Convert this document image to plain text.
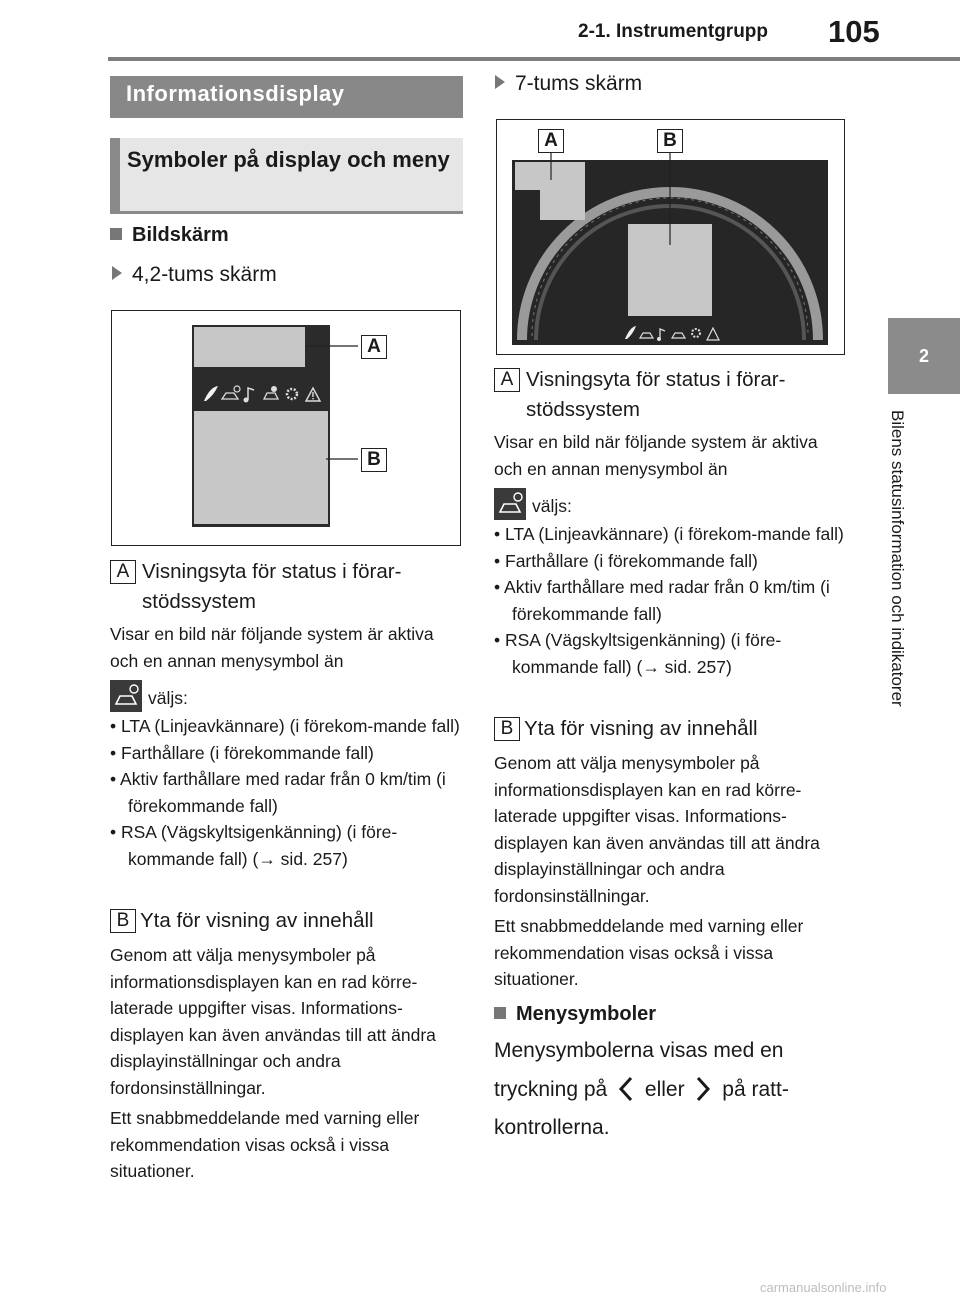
2-1. Instrumentgrupp 105
2
Bilens statusinformation och indikatorer
Informationsdisplay
Symboler på display och meny
Bildskärm
4,2-tums skärm
A
B
A Visningsyta för status i förar-stödssystem
Visar en bild när följande system är aktiva och en annan menysymbol än
väljs:
• LTA (Linjeavkännare) (i förekom-mande fall)
• Farthållare (i förekommande fall)
• Aktiv farthållare med radar från 0 km/tim (i förekommande fall)
• RSA (Vägskyltsigenkänning) (i före-kommande fall) (→ sid. 257)
B Yta för visning av innehåll
Genom att välja menysymboler på informationsdisplayen kan en rad körre-laterade uppgifter visas. Informations-displayen kan även användas till att ändra displayinställningar och andra fordonsinställningar.
Ett snabbmeddelande med varning eller rekommendation visas också i vissa situationer.
7-tums skärm
A	B
A Visningsyta för status i förar-stödssystem
Visar en bild när följande system är aktiva och en annan menysymbol än
väljs:
• LTA (Linjeavkännare) (i förekom-mande fall)
• Farthållare (i förekommande fall)
• Aktiv farthållare med radar från 0 km/tim (i förekommande fall)
• RSA (Vägskyltsigenkänning) (i före-kommande fall) (→ sid. 257)
B Yta för visning av innehåll
Genom att välja menysymboler på informationsdisplayen kan en rad körre-laterade uppgifter visas. Informations-displayen kan även användas till att ändra displayinställningar och andra fordonsinställningar.
Ett snabbmeddelande med varning eller rekommendation visas också i vissa situationer.
Menysymboler
Menysymbolerna visas med en
tryckning på eller på ratt-
kontrollerna.
carmanualsonline.info
